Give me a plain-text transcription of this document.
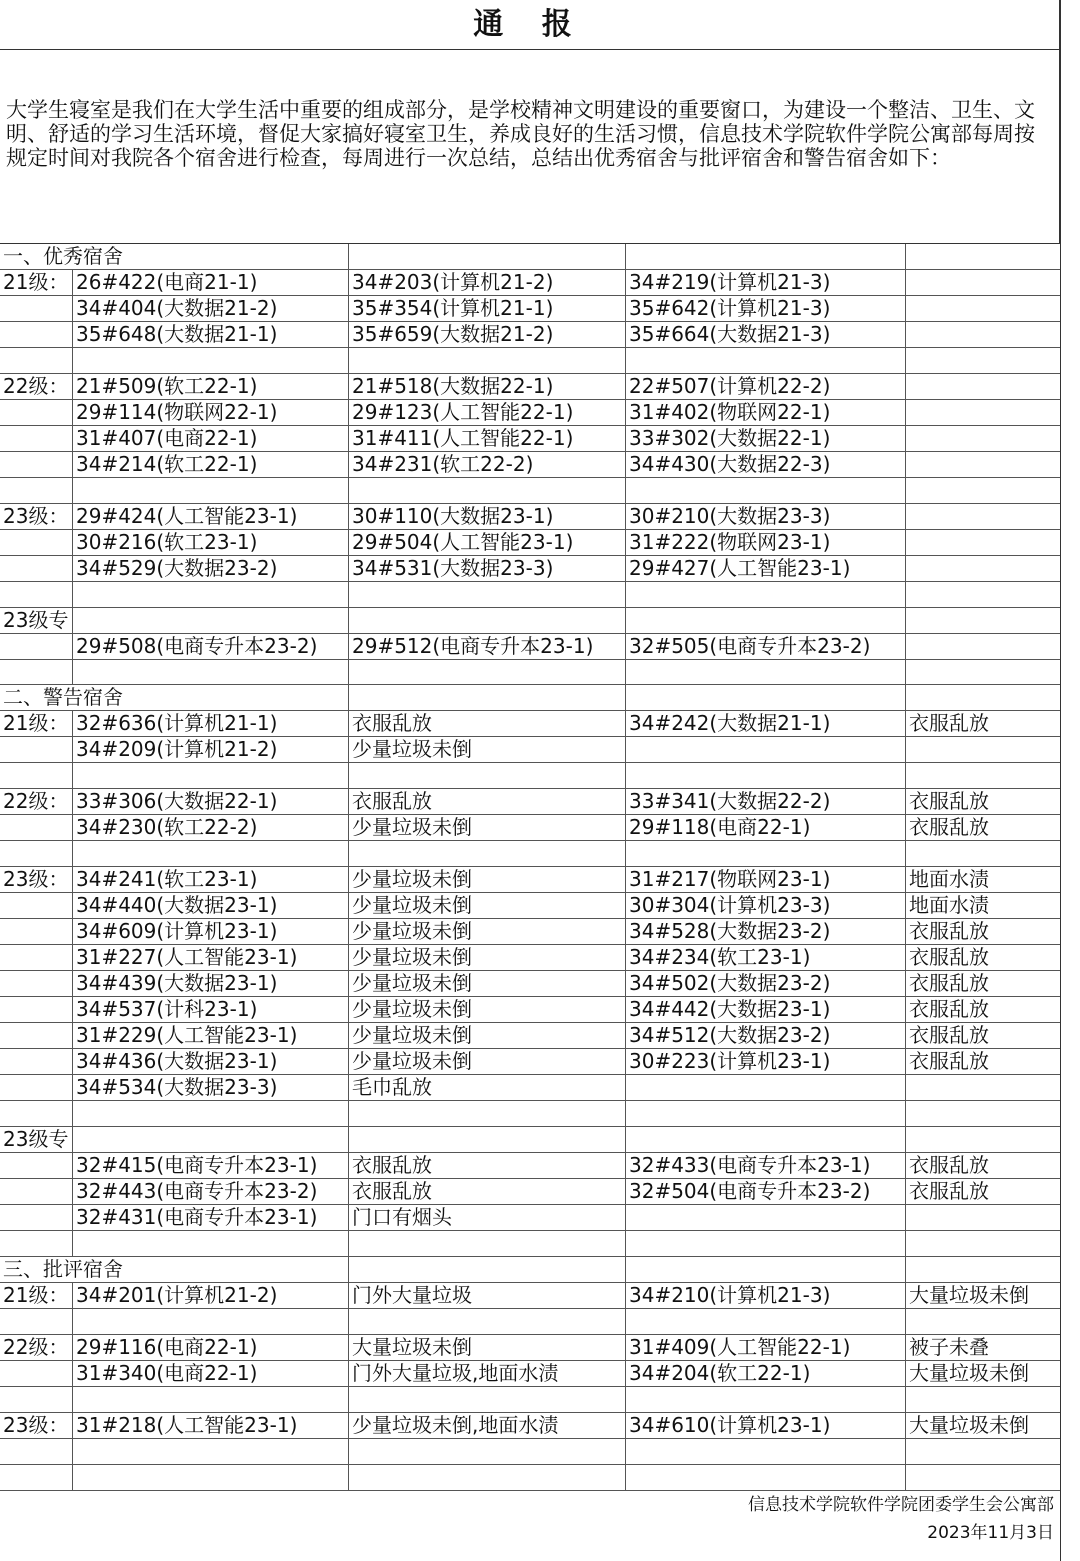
通 报
大学生寝室是我们在大学生活中重要的组成部分，是学校精神文明建设的重要窗口，为建设一个整洁、卫生、文明、舒适的学习生活环境，督促大家搞好寝室卫生，养成良好的生活习惯，信息技术学院软件学院公寓部每周按规定时间对我院各个宿舍进行检查，每周进行一次总结，总结出优秀宿舍与批评宿舍和警告宿舍如下：
一、优秀宿舍
21级： 26#422(电商21-1)	34#203(计算机21-2)	34#219(计算机21-3)
34#404(大数据21-2)	35#354(计算机21-1)	35#642(计算机21-3)
35#648(大数据21-1)	35#659(大数据21-2)	35#664(大数据21-3)
22级： 21#509(软工22-1)	21#518(大数据22-1)	22#507(计算机22-2)
29#114(物联网22-1)	29#123(人工智能22-1)	31#402(物联网22-1)
31#407(电商22-1)	31#411(人工智能22-1)	33#302(大数据22-1)
34#214(软工22-1)	34#231(软工22-2)	34#430(大数据22-3)
23级： 29#424(人工智能23-1)	30#110(大数据23-1)	30#210(大数据23-3)
30#216(软工23-1)	29#504(人工智能23-1)	31#222(物联网23-1)
34#529(大数据23-2)	34#531(大数据23-3)	29#427(人工智能23-1)
23级专
29#508(电商专升本23-2)	29#512(电商专升本23-1)	32#505(电商专升本23-2)
二、警告宿舍
21级： 32#636(计算机21-1)	衣服乱放	34#242(大数据21-1)	衣服乱放
34#209(计算机21-2)	少量垃圾未倒
22级： 33#306(大数据22-1)	衣服乱放	33#341(大数据22-2)	衣服乱放
34#230(软工22-2)	少量垃圾未倒	29#118(电商22-1)	衣服乱放
23级： 34#241(软工23-1)	少量垃圾未倒	31#217(物联网23-1)	地面水渍
34#440(大数据23-1)	少量垃圾未倒	30#304(计算机23-3)	地面水渍
34#609(计算机23-1)	少量垃圾未倒	34#528(大数据23-2)	衣服乱放
31#227(人工智能23-1)	少量垃圾未倒	34#234(软工23-1)	衣服乱放
34#439(大数据23-1)	少量垃圾未倒	34#502(大数据23-2)	衣服乱放
34#537(计科23-1)	少量垃圾未倒	34#442(大数据23-1)	衣服乱放
31#229(人工智能23-1)	少量垃圾未倒	34#512(大数据23-2)	衣服乱放
34#436(大数据23-1)	少量垃圾未倒	30#223(计算机23-1)	衣服乱放
34#534(大数据23-3)	毛巾乱放
23级专
32#415(电商专升本23-1)	衣服乱放	32#433(电商专升本23-1)	衣服乱放
32#443(电商专升本23-2)	衣服乱放	32#504(电商专升本23-2)	衣服乱放
32#431(电商专升本23-1)	门口有烟头
三、批评宿舍
21级： 34#201(计算机21-2)	门外大量垃圾	34#210(计算机21-3)	大量垃圾未倒
22级： 29#116(电商22-1)	大量垃圾未倒	31#409(人工智能22-1)	被子未叠
31#340(电商22-1)	门外大量垃圾,地面水渍	34#204(软工22-1)	大量垃圾未倒
23级： 31#218(人工智能23-1)	少量垃圾未倒,地面水渍	34#610(计算机23-1)	大量垃圾未倒
信息技术学院软件学院团委学生会公寓部
2023年11月3日
